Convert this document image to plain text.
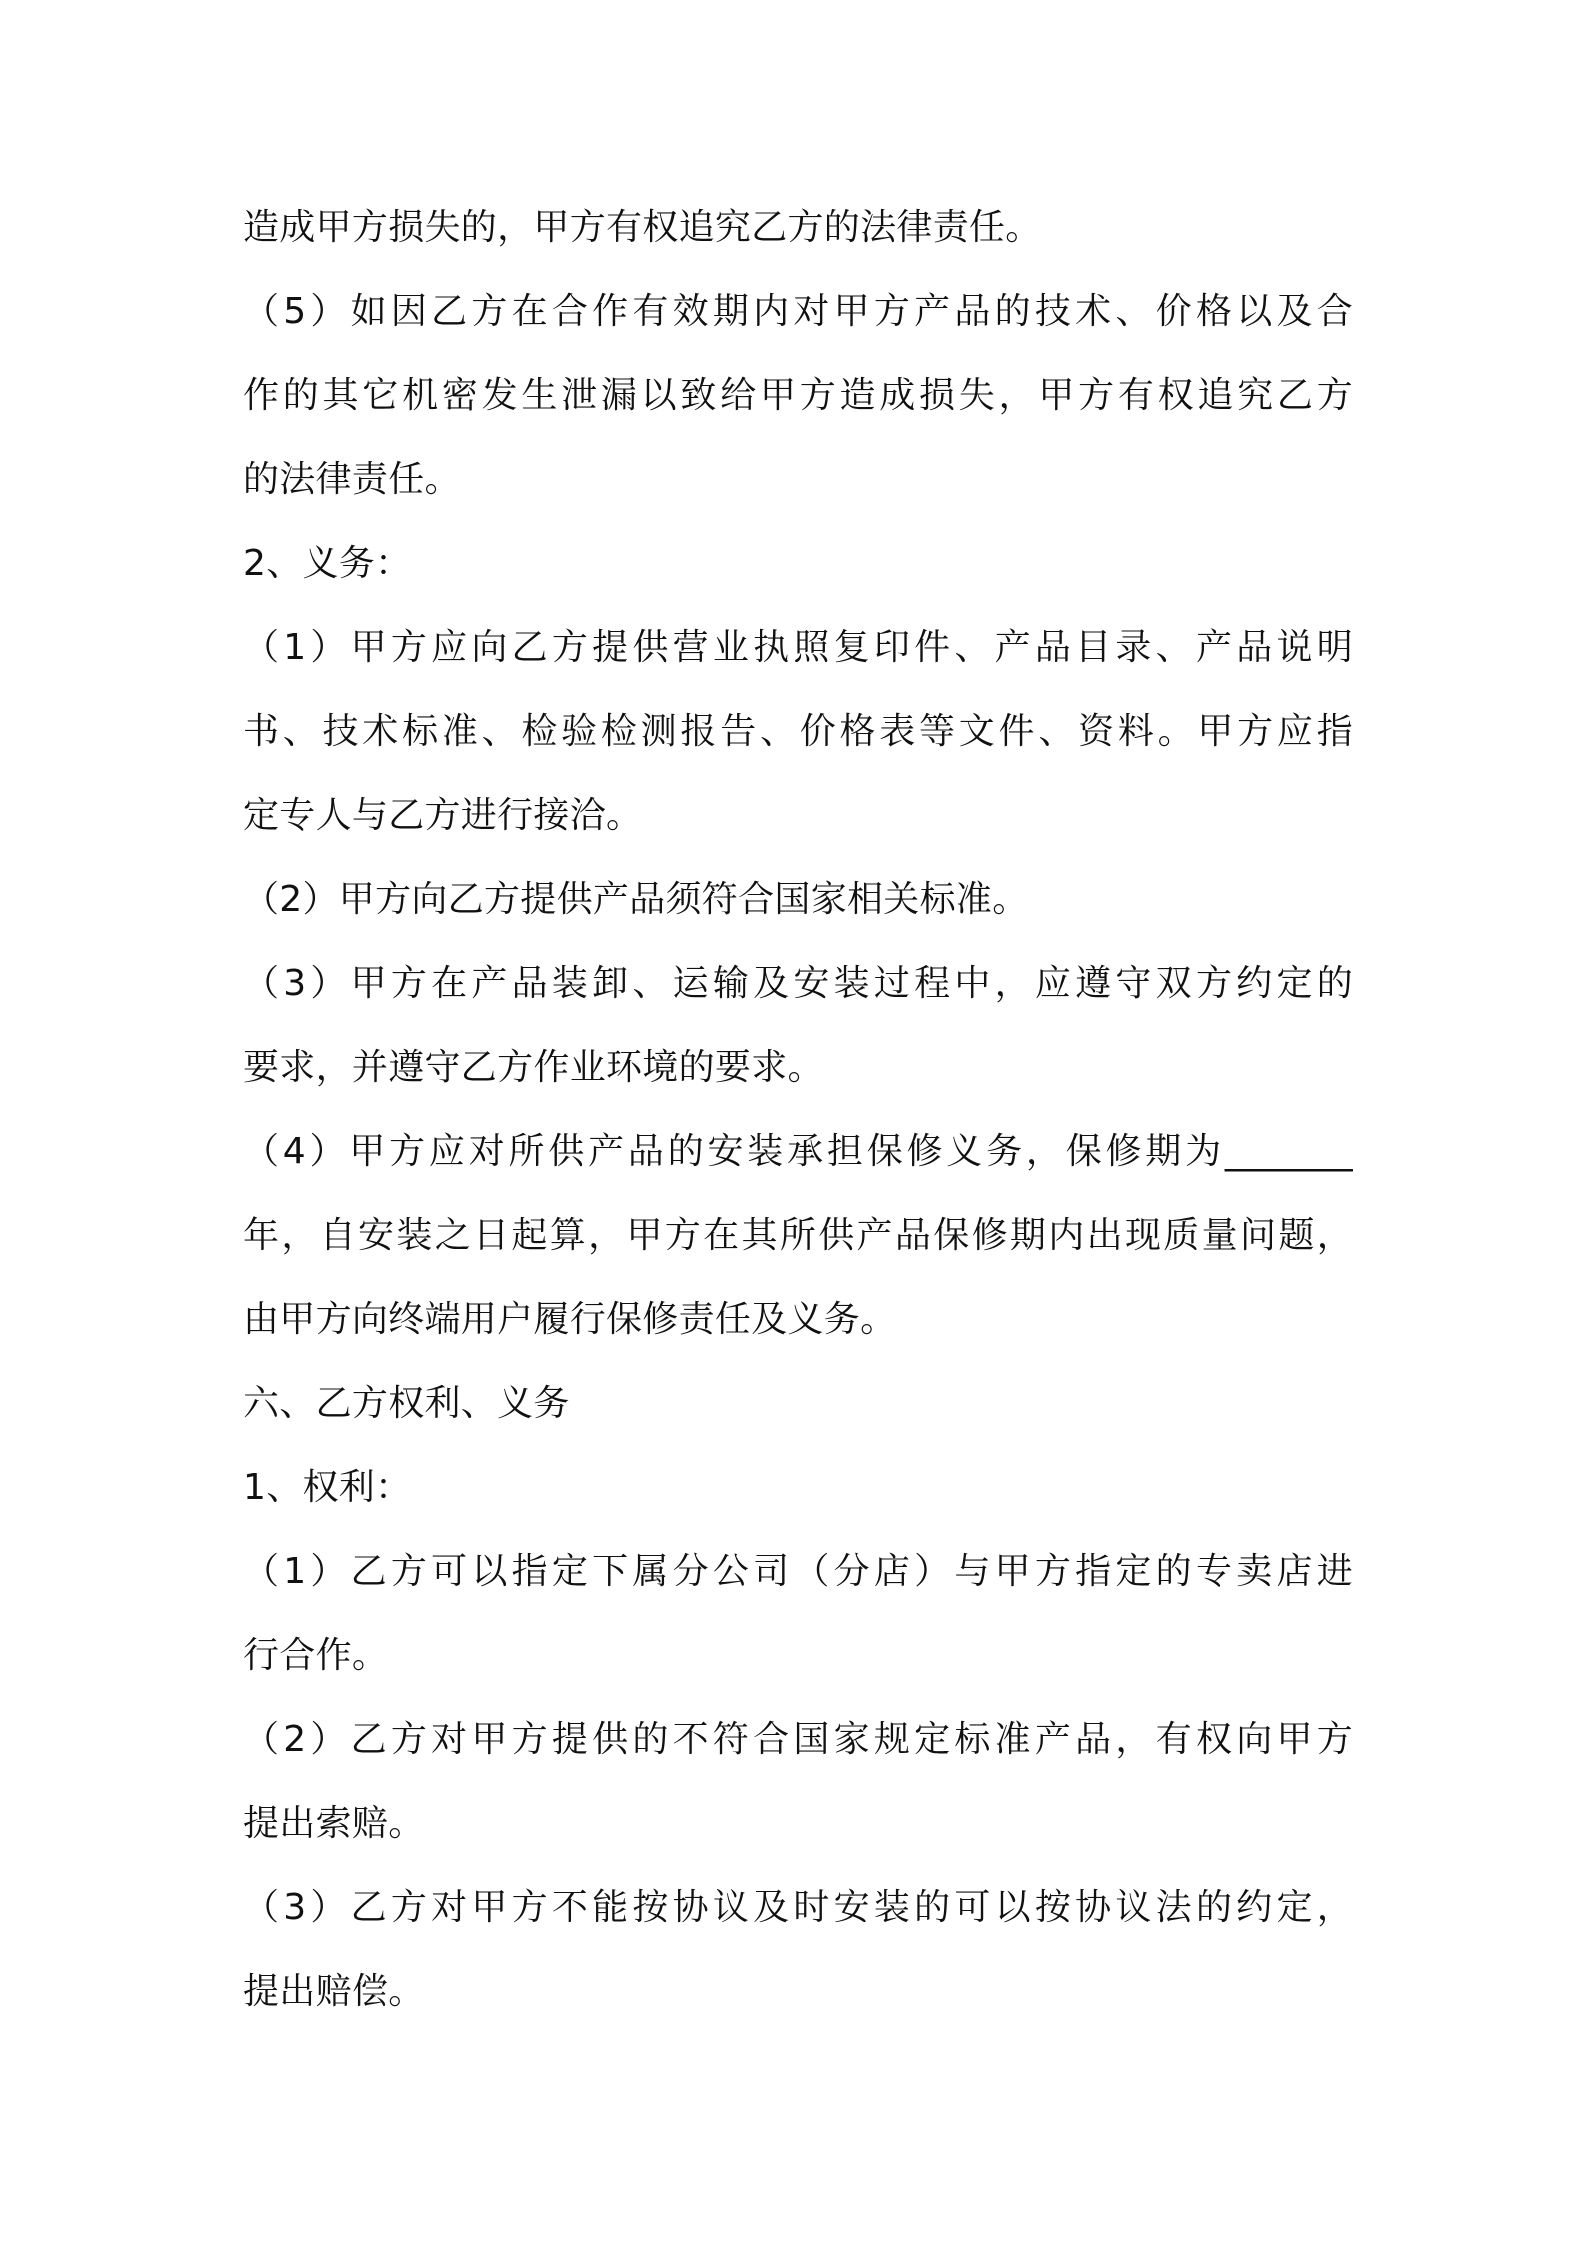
造成甲方损失的，甲方有权追究乙方的法律责任。
（5）如因乙方在合作有效期内对甲方产品的技术、价格以及合
作的其它机密发生泄漏以致给甲方造成损失，甲方有权追究乙方
的法律责任。
2、义务：
（1）甲方应向乙方提供营业执照复印件、产品目录、产品说明
书、技术标准、检验检测报告、价格表等文件、资料。甲方应指
定专人与乙方进行接洽。
（2）甲方向乙方提供产品须符合国家相关标准。
（3）甲方在产品装卸、运输及安装过程中，应遵守双方约定的
要求，并遵守乙方作业环境的要求。
（4）甲方应对所供产品的安装承担保修义务，保修期为_______
年，自安装之日起算，甲方在其所供产品保修期内出现质量问题，
由甲方向终端用户履行保修责任及义务。
六、乙方权利、义务
1、权利：
（1）乙方可以指定下属分公司（分店）与甲方指定的专卖店进
行合作。
（2）乙方对甲方提供的不符合国家规定标准产品，有权向甲方
提出索赔。
（3）乙方对甲方不能按协议及时安装的可以按协议法的约定，
提出赔偿。
